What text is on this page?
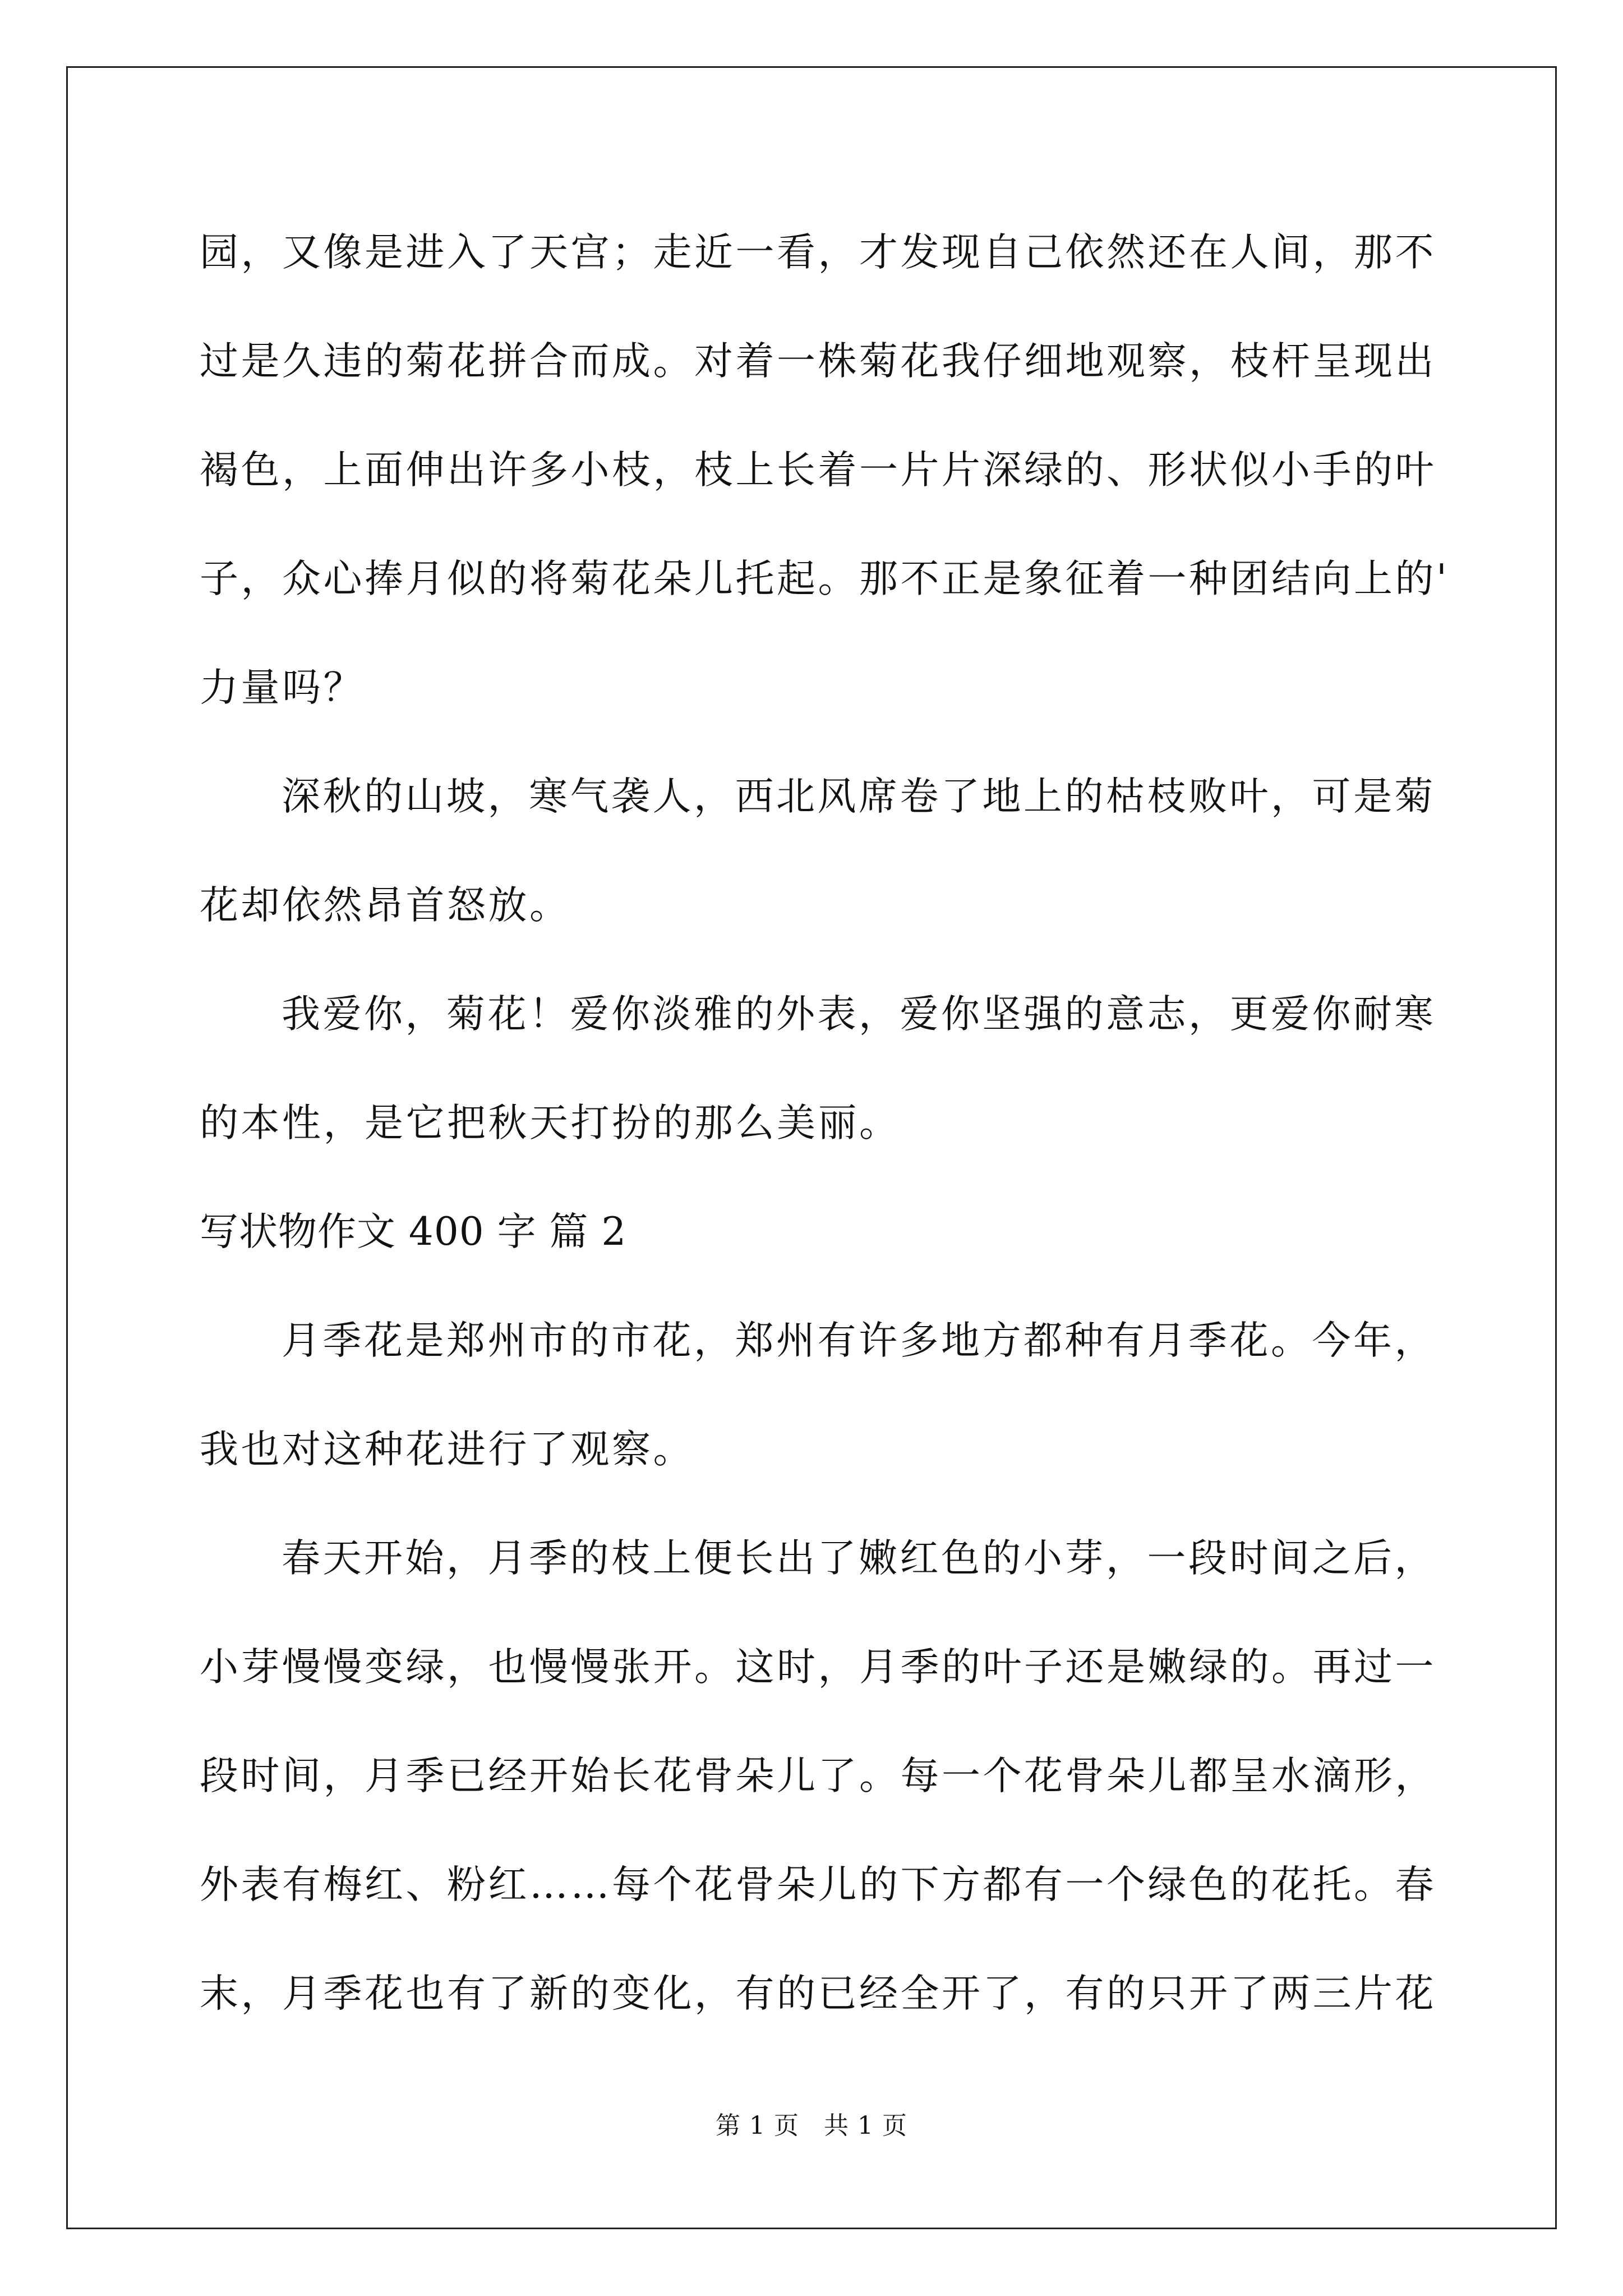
园，又像是进入了天宫；走近一看，才发现自己依然还在人间，那不
过是久违的菊花拼合而成。对着一株菊花我仔细地观察，枝杆呈现出
褐色，上面伸出许多小枝，枝上长着一片片深绿的、形状似小手的叶
子，众心捧月似的将菊花朵儿托起。那不正是象征着一种团结向上的'
力量吗？
深秋的山坡，寒气袭人，西北风席卷了地上的枯枝败叶，可是菊
花却依然昂首怒放。
我爱你，菊花！爱你淡雅的外表，爱你坚强的意志，更爱你耐寒
的本性，是它把秋天打扮的那么美丽。
写状物作文 400 字 篇 2
月季花是郑州市的市花，郑州有许多地方都种有月季花。今年，
我也对这种花进行了观察。
春天开始，月季的枝上便长出了嫩红色的小芽，一段时间之后，
小芽慢慢变绿，也慢慢张开。这时，月季的叶子还是嫩绿的。再过一
段时间，月季已经开始长花骨朵儿了。每一个花骨朵儿都呈水滴形，
外表有梅红、粉红……每个花骨朵儿的下方都有一个绿色的花托。春
末，月季花也有了新的变化，有的已经全开了，有的只开了两三片花
第 1 页 共 1 页
